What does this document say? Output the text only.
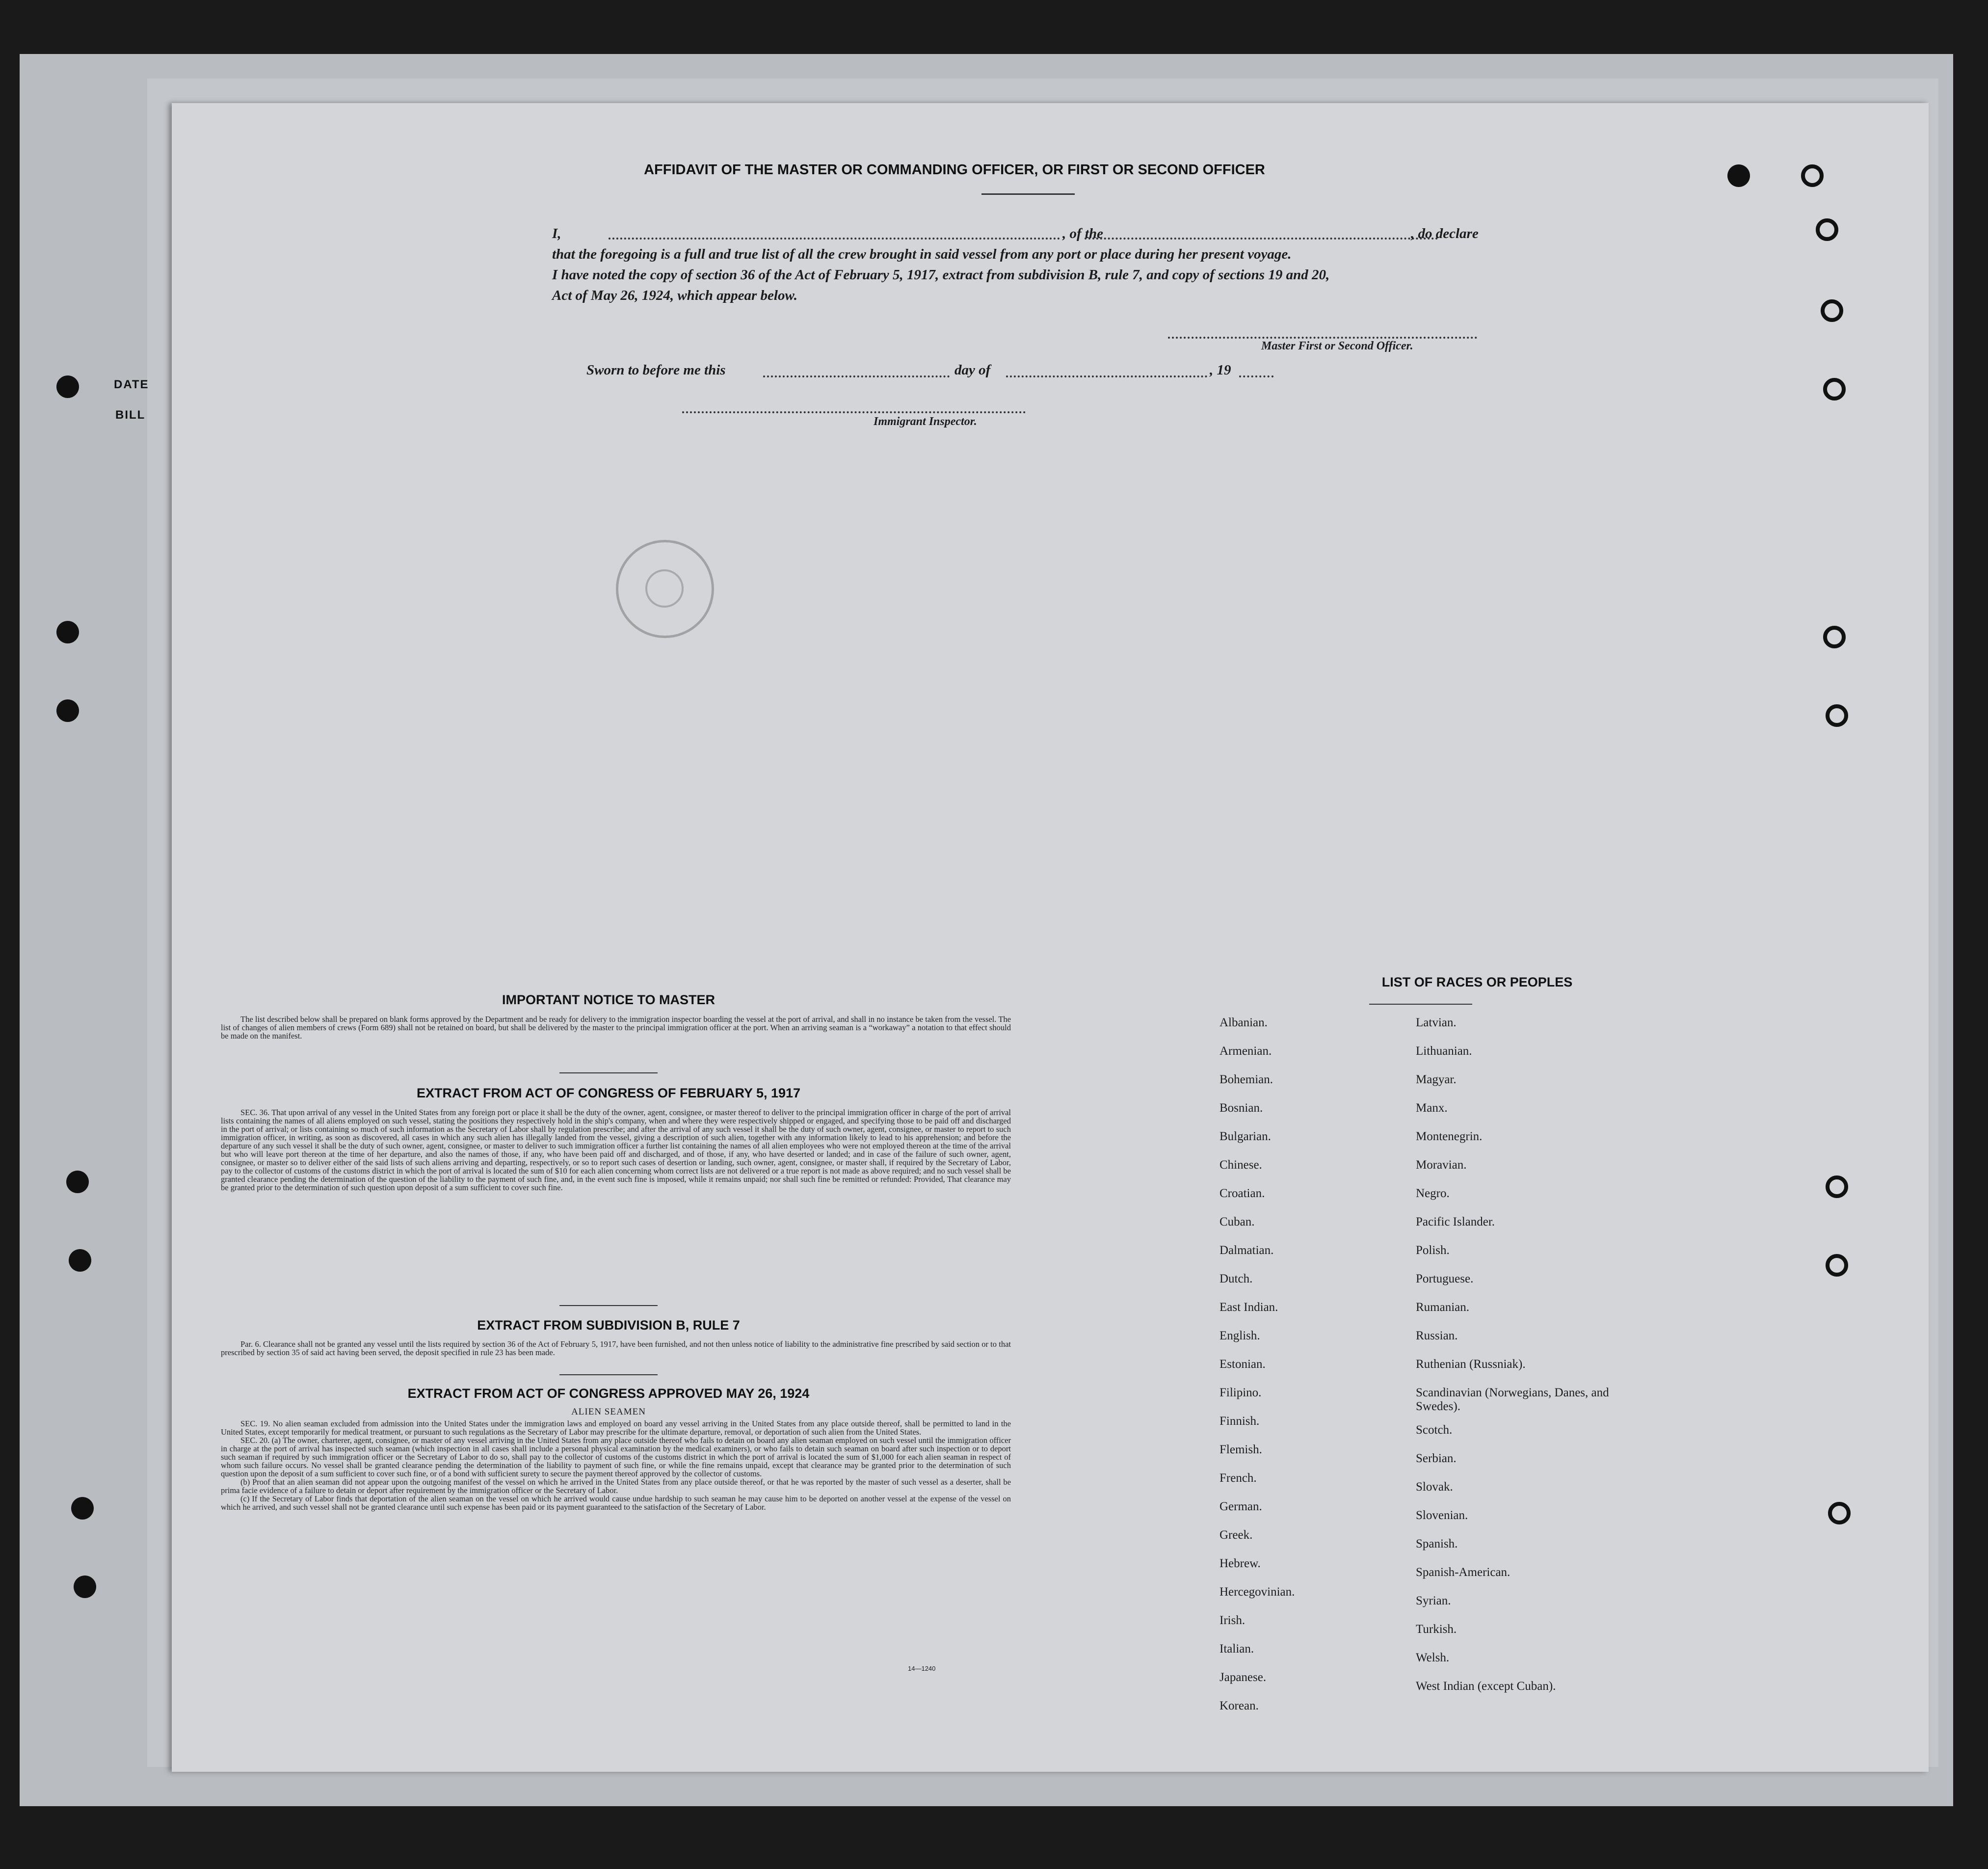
DATE
BILL
AFFIDAVIT OF THE MASTER OR COMMANDING OFFICER, OR FIRST OR SECOND OFFICER
I,	, of the	, do declare
that the foregoing is a full and true list of all the crew brought in said vessel from any port or place during her present voyage.
I have noted the copy of section 36 of the Act of February 5, 1917, extract from subdivision B, rule 7, and copy of sections 19 and 20,
Act of May 26, 1924, which appear below.
Master First or Second Officer.
Sworn to before me this	day of	, 19
Immigrant Inspector.
IMPORTANT NOTICE TO MASTER

The list described below shall be prepared on blank forms approved by the Department and be ready for delivery to the immigration inspector boarding the vessel at the port of arrival, and shall in no instance be taken from the vessel. The list of changes of alien members of crews (Form 689) shall not be retained on board, but shall be delivered by the master to the principal immigration officer at the port. When an arriving seaman is a “workaway” a notation to that effect should be made on the manifest.

EXTRACT FROM ACT OF CONGRESS OF FEBRUARY 5, 1917

SEC. 36. That upon arrival of any vessel in the United States from any foreign port or place it shall be the duty of the owner, agent, consignee, or master thereof to deliver to the principal immigration officer in charge of the port of arrival lists containing the names of all aliens employed on such vessel, stating the positions they respectively hold in the ship's company, when and where they were respectively shipped or engaged, and specifying those to be paid off and discharged in the port of arrival; or lists containing so much of such information as the Secretary of Labor shall by regulation prescribe; and after the arrival of any such vessel it shall be the duty of such owner, agent, consignee, or master to report to such immigration officer, in writing, as soon as discovered, all cases in which any such alien has illegally landed from the vessel, giving a description of such alien, together with any information likely to lead to his apprehension; and before the departure of any such vessel it shall be the duty of such owner, agent, consignee, or master to deliver to such immigration officer a further list containing the names of all alien employees who were not employed thereon at the time of the arrival but who will leave port thereon at the time of her departure, and also the names of those, if any, who have been paid off and discharged, and of those, if any, who have deserted or landed; and in case of the failure of such owner, agent, consignee, or master so to deliver either of the said lists of such aliens arriving and departing, respectively, or so to report such cases of desertion or landing, such owner, agent, consignee, or master shall, if required by the Secretary of Labor, pay to the collector of customs of the customs district in which the port of arrival is located the sum of $10 for each alien concerning whom correct lists are not delivered or a true report is not made as above required; and no such vessel shall be granted clearance pending the determination of the question of the liability to the payment of such fine, and, in the event such fine is imposed, while it remains unpaid; nor shall such fine be remitted or refunded: Provided, That clearance may be granted prior to the determination of such question upon deposit of a sum sufficient to cover such fine.

EXTRACT FROM SUBDIVISION B, RULE 7

Par. 6. Clearance shall not be granted any vessel until the lists required by section 36 of the Act of February 5, 1917, have been furnished, and not then unless notice of liability to the administrative fine prescribed by said section or to that prescribed by section 35 of said act having been served, the deposit specified in rule 23 has been made.

EXTRACT FROM ACT OF CONGRESS APPROVED MAY 26, 1924
ALIEN SEAMEN

SEC. 19. No alien seaman excluded from admission into the United States under the immigration laws and employed on board any vessel arriving in the United States from any place outside thereof, shall be permitted to land in the United States, except temporarily for medical treatment, or pursuant to such regulations as the Secretary of Labor may prescribe for the ultimate departure, removal, or deportation of such alien from the United States.

SEC. 20. (a) The owner, charterer, agent, consignee, or master of any vessel arriving in the United States from any place outside thereof who fails to detain on board any alien seaman employed on such vessel until the immigration officer in charge at the port of arrival has inspected such seaman (which inspection in all cases shall include a personal physical examination by the medical examiners), or who fails to detain such seaman on board after such inspection or to deport such seaman if required by such immigration officer or the Secretary of Labor to do so, shall pay to the collector of customs of the customs district in which the port of arrival is located the sum of $1,000 for each alien seaman in respect of whom such failure occurs. No vessel shall be granted clearance pending the determination of the liability to payment of such fine, or while the fine remains unpaid, except that clearance may be granted prior to the determination of such question upon the deposit of a sum sufficient to cover such fine, or of a bond with sufficient surety to secure the payment thereof approved by the collector of customs.

(b) Proof that an alien seaman did not appear upon the outgoing manifest of the vessel on which he arrived in the United States from any place outside thereof, or that he was reported by the master of such vessel as a deserter, shall be prima facie evidence of a failure to detain or deport after requirement by the immigration officer or the Secretary of Labor.

(c) If the Secretary of Labor finds that deportation of the alien seaman on the vessel on which he arrived would cause undue hardship to such seaman he may cause him to be deported on another vessel at the expense of the vessel on which he arrived, and such vessel shall not be granted clearance until such expense has been paid or its payment guaranteed to the satisfaction of the Secretary of Labor.

14—1240
LIST OF RACES OR PEOPLES
Albanian.
Armenian.
Bohemian.
Bosnian.
Bulgarian.
Chinese.
Croatian.
Cuban.
Dalmatian.
Dutch.
East Indian.
English.
Estonian.
Filipino.
Finnish.
Flemish.
French.
German.
Greek.
Hebrew.
Hercegovinian.
Irish.
Italian.
Japanese.
Korean.
Latvian.
Lithuanian.
Magyar.
Manx.
Montenegrin.
Moravian.
Negro.
Pacific Islander.
Polish.
Portuguese.
Rumanian.
Russian.
Ruthenian (Russniak).
Scandinavian (Norwegians, Danes, and Swedes).
Scotch.
Serbian.
Slovak.
Slovenian.
Spanish.
Spanish-American.
Syrian.
Turkish.
Welsh.
West Indian (except Cuban).
